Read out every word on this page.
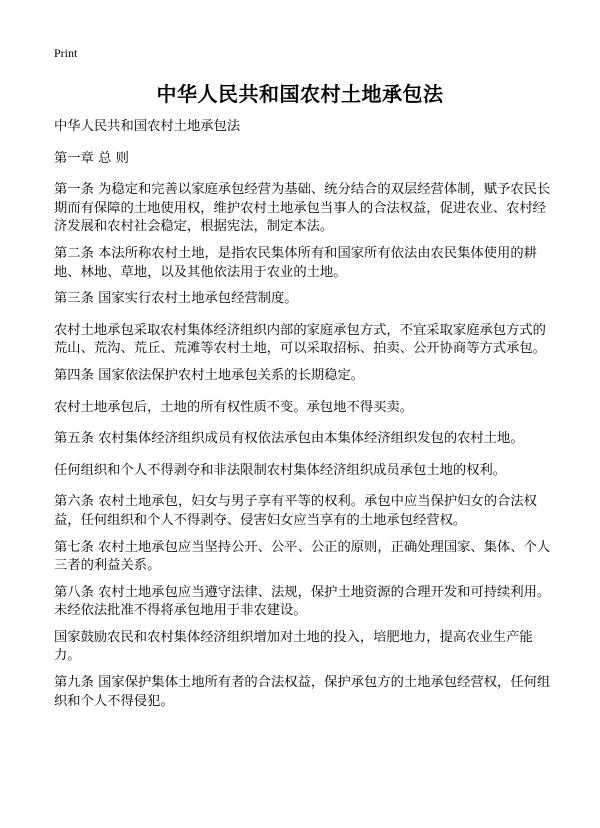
Print
中华人民共和国农村土地承包法

中华人民共和国农村土地承包法

第一章 总 则

第一条 为稳定和完善以家庭承包经营为基础、统分结合的双层经营体制，赋予农民长期而有保障的土地使用权，维护农村土地承包当事人的合法权益，促进农业、农村经济发展和农村社会稳定，根据宪法，制定本法。

第二条 本法所称农村土地，是指农民集体所有和国家所有依法由农民集体使用的耕地、林地、草地，以及其他依法用于农业的土地。

第三条 国家实行农村土地承包经营制度。

农村土地承包采取农村集体经济组织内部的家庭承包方式，不宜采取家庭承包方式的荒山、荒沟、荒丘、荒滩等农村土地，可以采取招标、拍卖、公开协商等方式承包。

第四条 国家依法保护农村土地承包关系的长期稳定。

农村土地承包后，土地的所有权性质不变。承包地不得买卖。

第五条 农村集体经济组织成员有权依法承包由本集体经济组织发包的农村土地。

任何组织和个人不得剥夺和非法限制农村集体经济组织成员承包土地的权利。

第六条 农村土地承包，妇女与男子享有平等的权利。承包中应当保护妇女的合法权益，任何组织和个人不得剥夺、侵害妇女应当享有的土地承包经营权。

第七条 农村土地承包应当坚持公开、公平、公正的原则，正确处理国家、集体、个人三者的利益关系。

第八条 农村土地承包应当遵守法律、法规，保护土地资源的合理开发和可持续利用。未经依法批准不得将承包地用于非农建设。

国家鼓励农民和农村集体经济组织增加对土地的投入，培肥地力，提高农业生产能力。

第九条 国家保护集体土地所有者的合法权益，保护承包方的土地承包经营权，任何组织和个人不得侵犯。
